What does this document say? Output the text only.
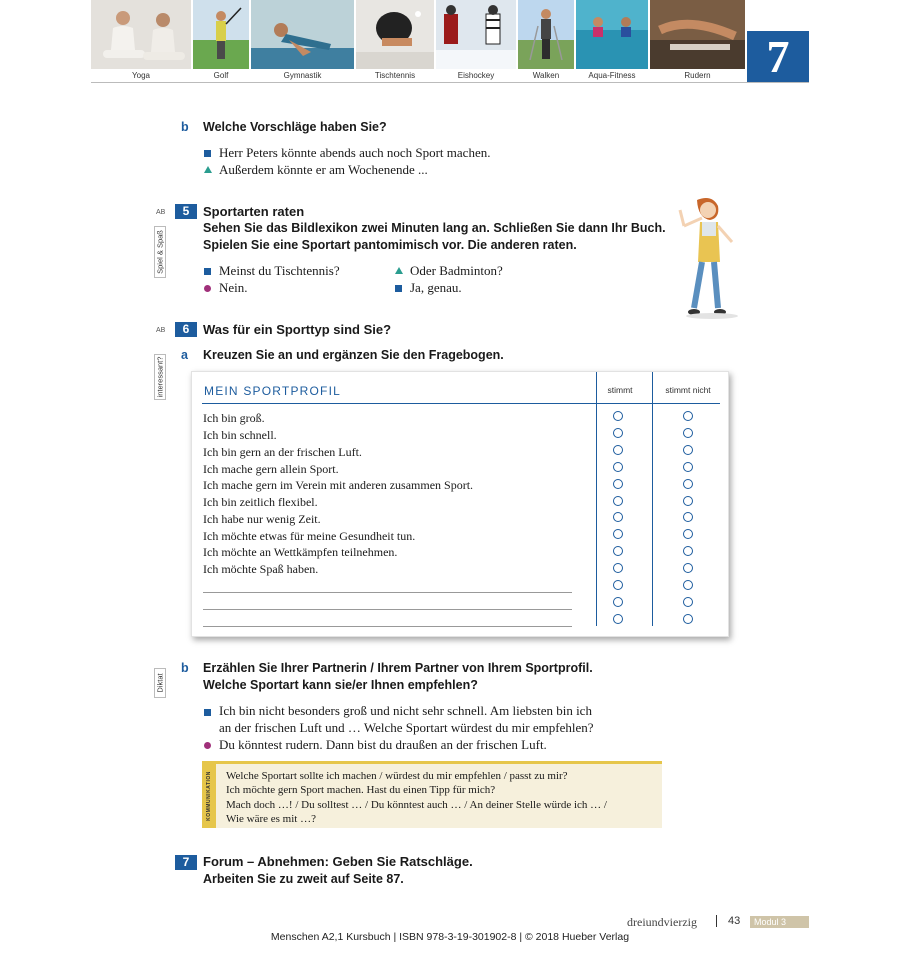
Yoga	Golf	Gymnastik	Tischtennis	Eishockey	Walken	Aqua-Fitness	Rudern	7
b Welche Vorschläge haben Sie?
Herr Peters könnte abends auch noch Sport machen.
Außerdem könnte er am Wochenende ...
AB	5	Sportarten raten
Spiel & Spaß
Sehen Sie das Bildlexikon zwei Minuten lang an. Schließen Sie dann Ihr Buch.
Spielen Sie eine Sportart pantomimisch vor. Die anderen raten.
Meinst du Tischtennis?
Nein.
Oder Badminton?
Ja, genau.
AB	6	Was für ein Sporttyp sind Sie?
interessant?
a Kreuzen Sie an und ergänzen Sie den Fragebogen.
MEIN SPORTPROFIL	stimmt	stimmt nicht
Ich bin groß.
Ich bin schnell.
Ich bin gern an der frischen Luft.
Ich mache gern allein Sport.
Ich mache gern im Verein mit anderen zusammen Sport.
Ich bin zeitlich flexibel.
Ich habe nur wenig Zeit.
Ich möchte etwas für meine Gesundheit tun.
Ich möchte an Wettkämpfen teilnehmen.
Ich möchte Spaß haben.
Diktat
b Erzählen Sie Ihrer Partnerin / Ihrem Partner von Ihrem Sportprofil.
Welche Sportart kann sie/er Ihnen empfehlen?
Ich bin nicht besonders groß und nicht sehr schnell. Am liebsten bin ich
an der frischen Luft und … Welche Sportart würdest du mir empfehlen?
Du könntest rudern. Dann bist du draußen an der frischen Luft.
KOMMUNIKATION Welche Sportart sollte ich machen / würdest du mir empfehlen / passt zu mir?
Ich möchte gern Sport machen. Hast du einen Tipp für mich?
Mach doch …! / Du solltest … / Du könntest auch … / An deiner Stelle würde ich … /
Wie wäre es mit …?
7	Forum – Abnehmen: Geben Sie Ratschläge.
Arbeiten Sie zu zweit auf Seite 87.
dreiundvierzig	43	Modul 3
Menschen A2,1 Kursbuch | ISBN 978-3-19-301902-8 | © 2018 Hueber Verlag
